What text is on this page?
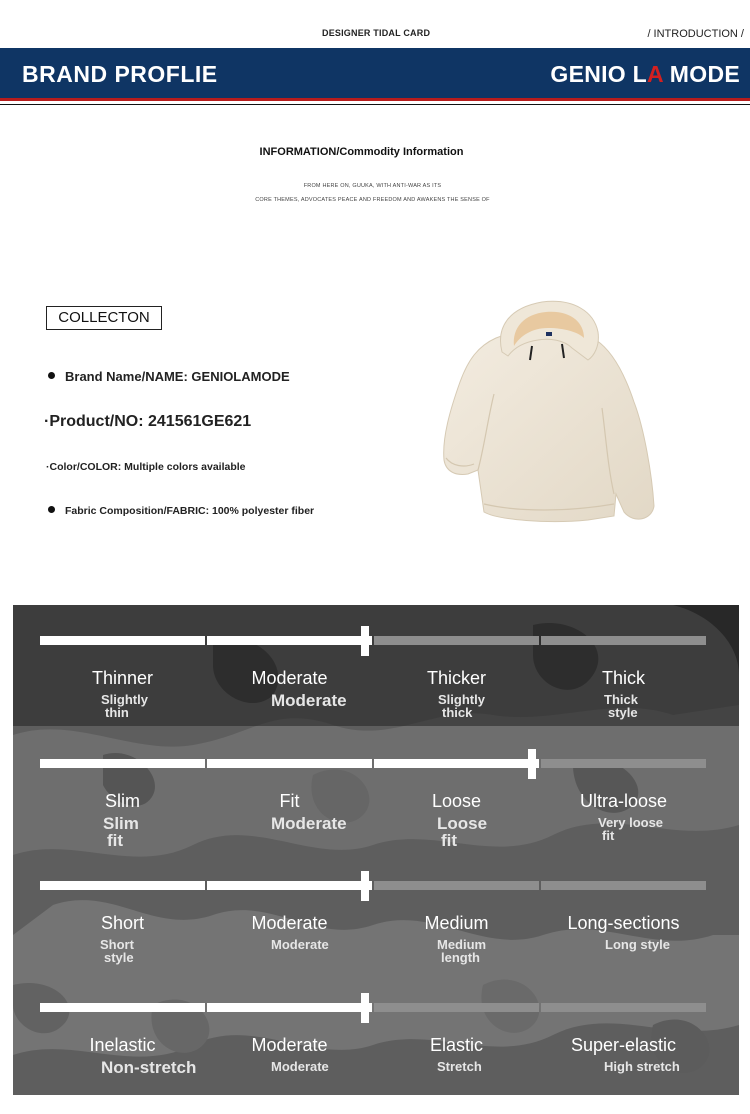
DESIGNER TIDAL CARD	/ INTRODUCTION /
BRAND PROFLIE	GENIO LA MODE
INFORMATION/Commodity Information
FROM HERE ON, GUUKA, WITH ANTI-WAR AS ITS
CORE THEMES, ADVOCATES PEACE AND FREEDOM AND AWAKENS THE SENSE OF
COLLECTON
Brand Name/NAME: GENIOLAMODE
·Product/NO: 241561GE621
·Color/COLOR: Multiple colors available
Fabric Composition/FABRIC: 100% polyester fiber
Thinner
Slightly
thin
Moderate
Moderate
Thicker
Slightly
thick
Thick
Thick
style
Slim
Slim
fit
Fit
Moderate
Loose
Loose
fit
Ultra-loose
Very loose
fit
Short
Short
style
Moderate
Moderate
Medium
Medium
length
Long-sections
Long style
Inelastic
Non-stretch
Moderate
Moderate
Elastic
Stretch
Super-elastic
High stretch
